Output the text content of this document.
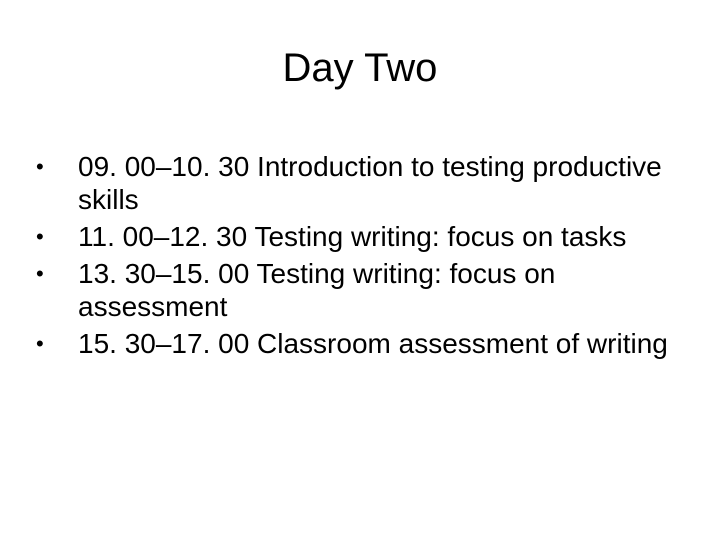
Day Two
•	09. 00–10. 30 Introduction to testing productive skills
•	11. 00–12. 30 Testing writing: focus on tasks
•	13. 30–15. 00 Testing writing: focus on assessment
•	15. 30–17. 00 Classroom assessment of writing
